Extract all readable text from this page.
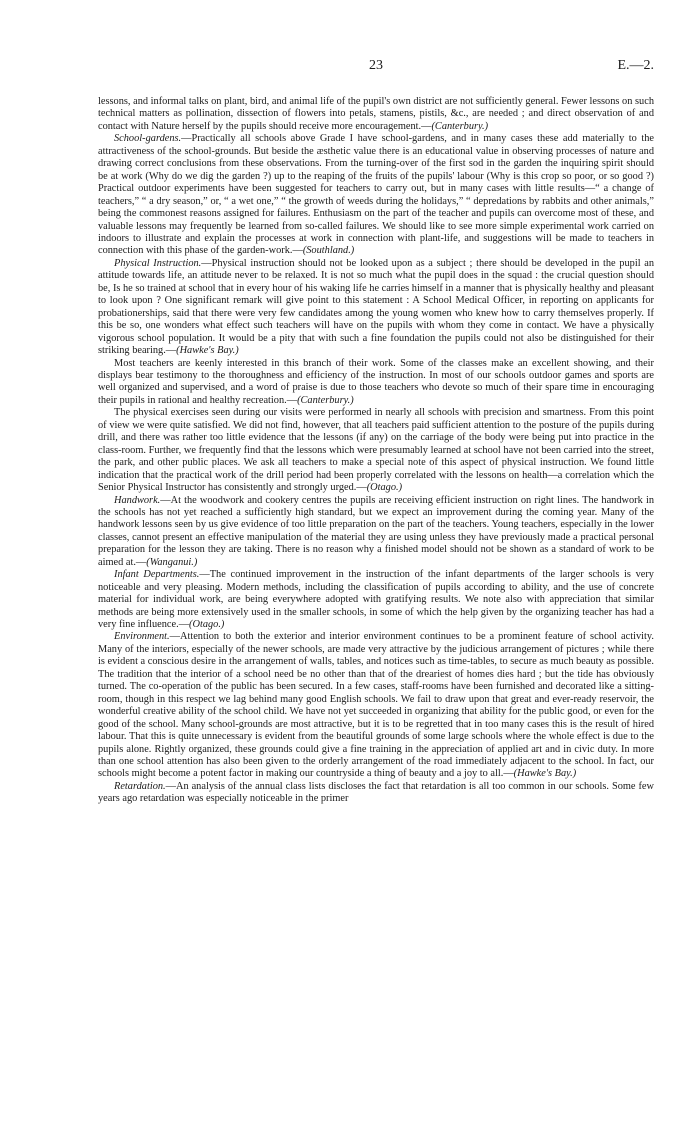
23	E.—2.

lessons, and informal talks on plant, bird, and animal life of the pupil's own district are not sufficiently general. Fewer lessons on such technical matters as pollination, dissection of flowers into petals, stamens, pistils, &c., are needed ; and direct observation of and contact with Nature herself by the pupils should receive more encouragement.—(Canterbury.)

School-gardens.—Practically all schools above Grade I have school-gardens, and in many cases these add materially to the attractiveness of the school-grounds. But beside the æsthetic value there is an educational value in observing processes of nature and drawing correct conclusions from these observations. From the turning-over of the first sod in the garden the inquiring spirit should be at work (Why do we dig the garden ?) up to the reaping of the fruits of the pupils' labour (Why is this crop so poor, or so good ?) Practical outdoor experiments have been suggested for teachers to carry out, but in many cases with little results—“ a change of teachers,” “ a dry season,” or, “ a wet one,” “ the growth of weeds during the holidays,” “ depredations by rabbits and other animals,” being the commonest reasons assigned for failures. Enthusiasm on the part of the teacher and pupils can overcome most of these, and valuable lessons may frequently be learned from so-called failures. We should like to see more simple experimental work carried on indoors to illustrate and explain the processes at work in connection with plant-life, and suggestions will be made to teachers in connection with this phase of the garden-work.—(Southland.)

Physical Instruction.—Physical instruction should not be looked upon as a subject ; there should be developed in the pupil an attitude towards life, an attitude never to be relaxed. It is not so much what the pupil does in the squad : the crucial question should be, Is he so trained at school that in every hour of his waking life he carries himself in a manner that is physically healthy and pleasant to look upon ? One significant remark will give point to this statement : A School Medical Officer, in reporting on applicants for probationerships, said that there were very few candidates among the young women who knew how to carry themselves properly. If this be so, one wonders what effect such teachers will have on the pupils with whom they come in contact. We have a physically vigorous school population. It would be a pity that with such a fine foundation the pupils could not also be distinguished for their striking bearing.—(Hawke's Bay.)

Most teachers are keenly interested in this branch of their work. Some of the classes make an excellent showing, and their displays bear testimony to the thoroughness and efficiency of the instruction. In most of our schools outdoor games and sports are well organized and supervised, and a word of praise is due to those teachers who devote so much of their spare time in encouraging their pupils in rational and healthy recreation.—(Canterbury.)

The physical exercises seen during our visits were performed in nearly all schools with precision and smartness. From this point of view we were quite satisfied. We did not find, however, that all teachers paid sufficient attention to the posture of the pupils during drill, and there was rather too little evidence that the lessons (if any) on the carriage of the body were being put into practice in the class-room. Further, we frequently find that the lessons which were presumably learned at school have not been carried into the street, the park, and other public places. We ask all teachers to make a special note of this aspect of physical instruction. We found little indication that the practical work of the drill period had been properly correlated with the lessons on health—a correlation which the Senior Physical Instructor has consistently and strongly urged.—(Otago.)

Handwork.—At the woodwork and cookery centres the pupils are receiving efficient instruction on right lines. The handwork in the schools has not yet reached a sufficiently high standard, but we expect an improvement during the coming year. Many of the handwork lessons seen by us give evidence of too little preparation on the part of the teachers. Young teachers, especially in the lower classes, cannot present an effective manipulation of the material they are using unless they have previously made a practical personal preparation for the lesson they are taking. There is no reason why a finished model should not be shown as a standard of work to be aimed at.—(Wanganui.)

Infant Departments.—The continued improvement in the instruction of the infant departments of the larger schools is very noticeable and very pleasing. Modern methods, including the classification of pupils according to ability, and the use of concrete material for individual work, are being everywhere adopted with gratifying results. We note also with appreciation that similar methods are being more extensively used in the smaller schools, in some of which the help given by the organizing teacher has had a very fine influence.—(Otago.)

Environment.—Attention to both the exterior and interior environment continues to be a prominent feature of school activity. Many of the interiors, especially of the newer schools, are made very attractive by the judicious arrangement of pictures ; while there is evident a conscious desire in the arrangement of walls, tables, and notices such as time-tables, to secure as much beauty as possible. The tradition that the interior of a school need be no other than that of the dreariest of homes dies hard ; but the tide has obviously turned. The co-operation of the public has been secured. In a few cases, staff-rooms have been furnished and decorated like a sitting-room, though in this respect we lag behind many good English schools. We fail to draw upon that great and ever-ready reservoir, the wonderful creative ability of the school child. We have not yet succeeded in organizing that ability for the public good, or even for the good of the school. Many school-grounds are most attractive, but it is to be regretted that in too many cases this is the result of hired labour. That this is quite unnecessary is evident from the beautiful grounds of some large schools where the whole effect is due to the pupils alone. Rightly organized, these grounds could give a fine training in the appreciation of applied art and in civic duty. In more than one school attention has also been given to the orderly arrangement of the road immediately adjacent to the school. In fact, our schools might become a potent factor in making our countryside a thing of beauty and a joy to all.—(Hawke's Bay.)

Retardation.—An analysis of the annual class lists discloses the fact that retardation is all too common in our schools. Some few years ago retardation was especially noticeable in the primer
